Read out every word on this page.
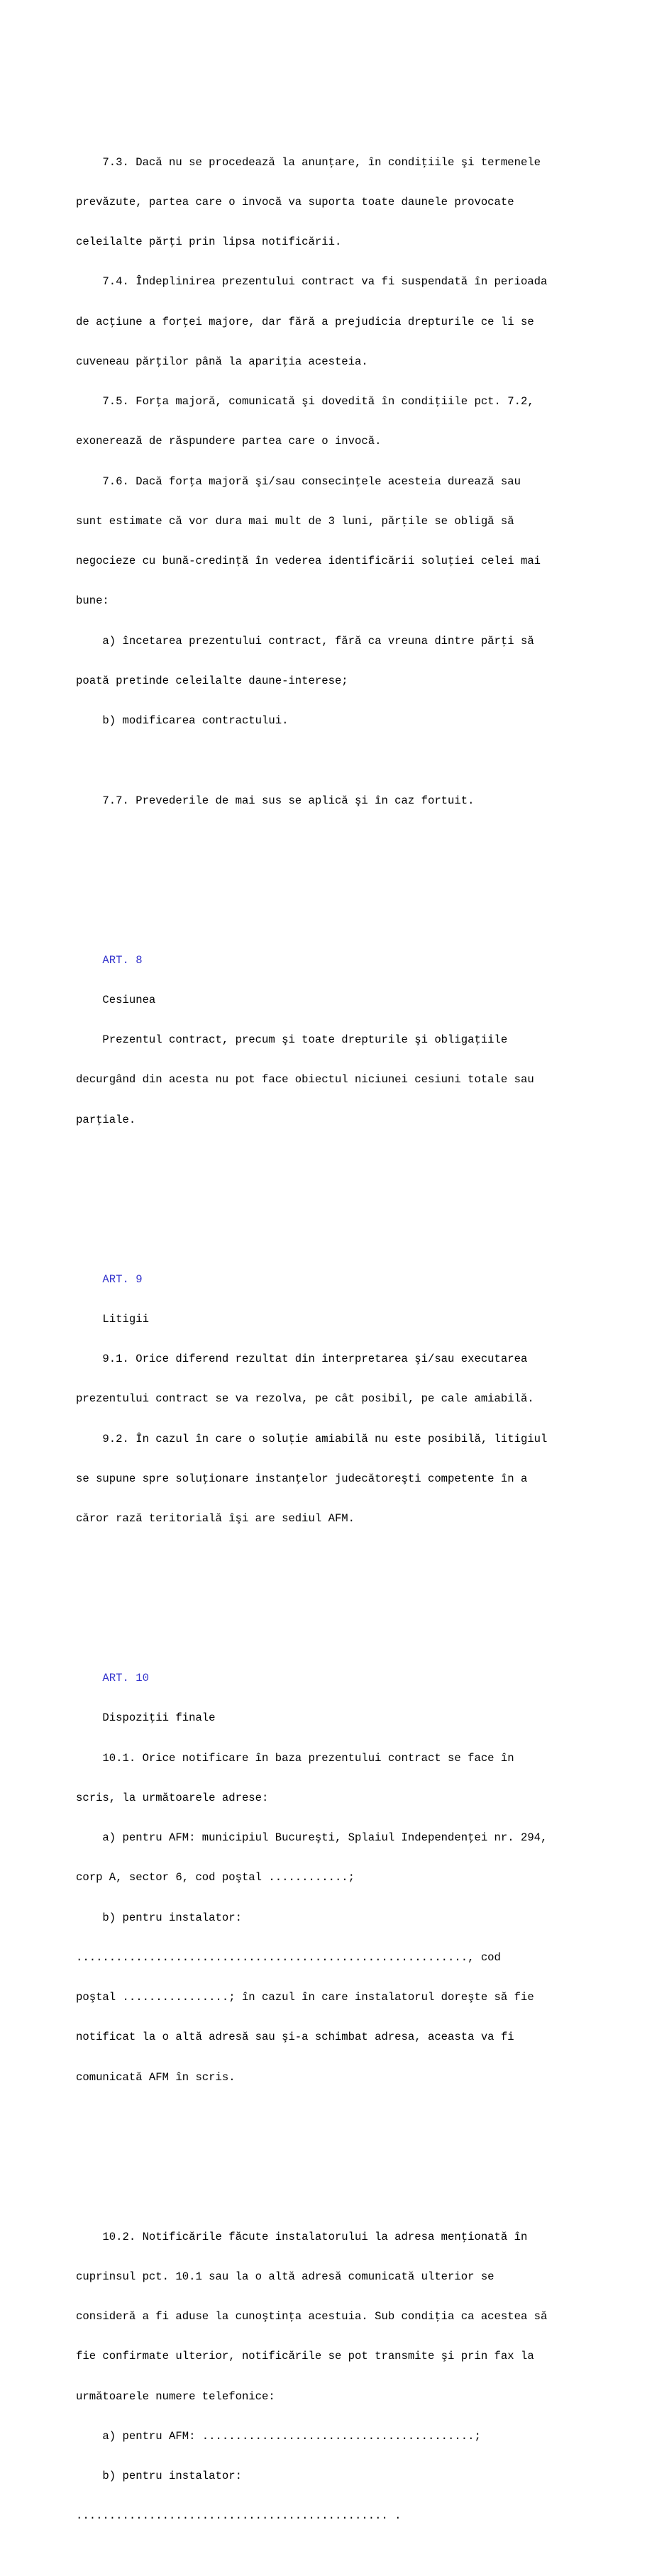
7.3. Dacă nu se procedează la anunţare, în condiţiile şi termenele

prevăzute, partea care o invocă va suporta toate daunele provocate

celeilalte părţi prin lipsa notificării.

7.4. Îndeplinirea prezentului contract va fi suspendată în perioada

de acţiune a forţei majore, dar fără a prejudicia drepturile ce li se

cuveneau părţilor până la apariţia acesteia.

7.5. Forţa majoră, comunicată şi dovedită în condiţiile pct. 7.2,

exonerează de răspundere partea care o invocă.

7.6. Dacă forţa majoră şi/sau consecinţele acesteia durează sau

sunt estimate că vor dura mai mult de 3 luni, părţile se obligă să

negocieze cu bună-credinţă în vederea identificării soluţiei celei mai

bune:

a) încetarea prezentului contract, fără ca vreuna dintre părţi să

poată pretinde celeilalte daune-interese;

b) modificarea contractului.

7.7. Prevederile de mai sus se aplică şi în caz fortuit.

ART. 8

Cesiunea

Prezentul contract, precum şi toate drepturile şi obligaţiile

decurgând din acesta nu pot face obiectul niciunei cesiuni totale sau

parţiale.

ART. 9

Litigii

9.1. Orice diferend rezultat din interpretarea şi/sau executarea

prezentului contract se va rezolva, pe cât posibil, pe cale amiabilă.

9.2. În cazul în care o soluţie amiabilă nu este posibilă, litigiul

se supune spre soluţionare instanţelor judecătoreşti competente în a

căror rază teritorială îşi are sediul AFM.

ART. 10

Dispoziţii finale

10.1. Orice notificare în baza prezentului contract se face în

scris, la următoarele adrese:

a) pentru AFM: municipiul Bucureşti, Splaiul Independenţei nr. 294,

corp A, sector 6, cod poştal ............;

b) pentru instalator:

..........................................................., cod

poştal ................; în cazul în care instalatorul doreşte să fie

notificat la o altă adresă sau şi-a schimbat adresa, aceasta va fi

comunicată AFM în scris.

10.2. Notificările făcute instalatorului la adresa menţionată în

cuprinsul pct. 10.1 sau la o altă adresă comunicată ulterior se

consideră a fi aduse la cunoştinţa acestuia. Sub condiţia ca acestea să

fie confirmate ulterior, notificările se pot transmite şi prin fax la

următoarele numere telefonice:

a) pentru AFM: .........................................;

b) pentru instalator:

............................................... .
